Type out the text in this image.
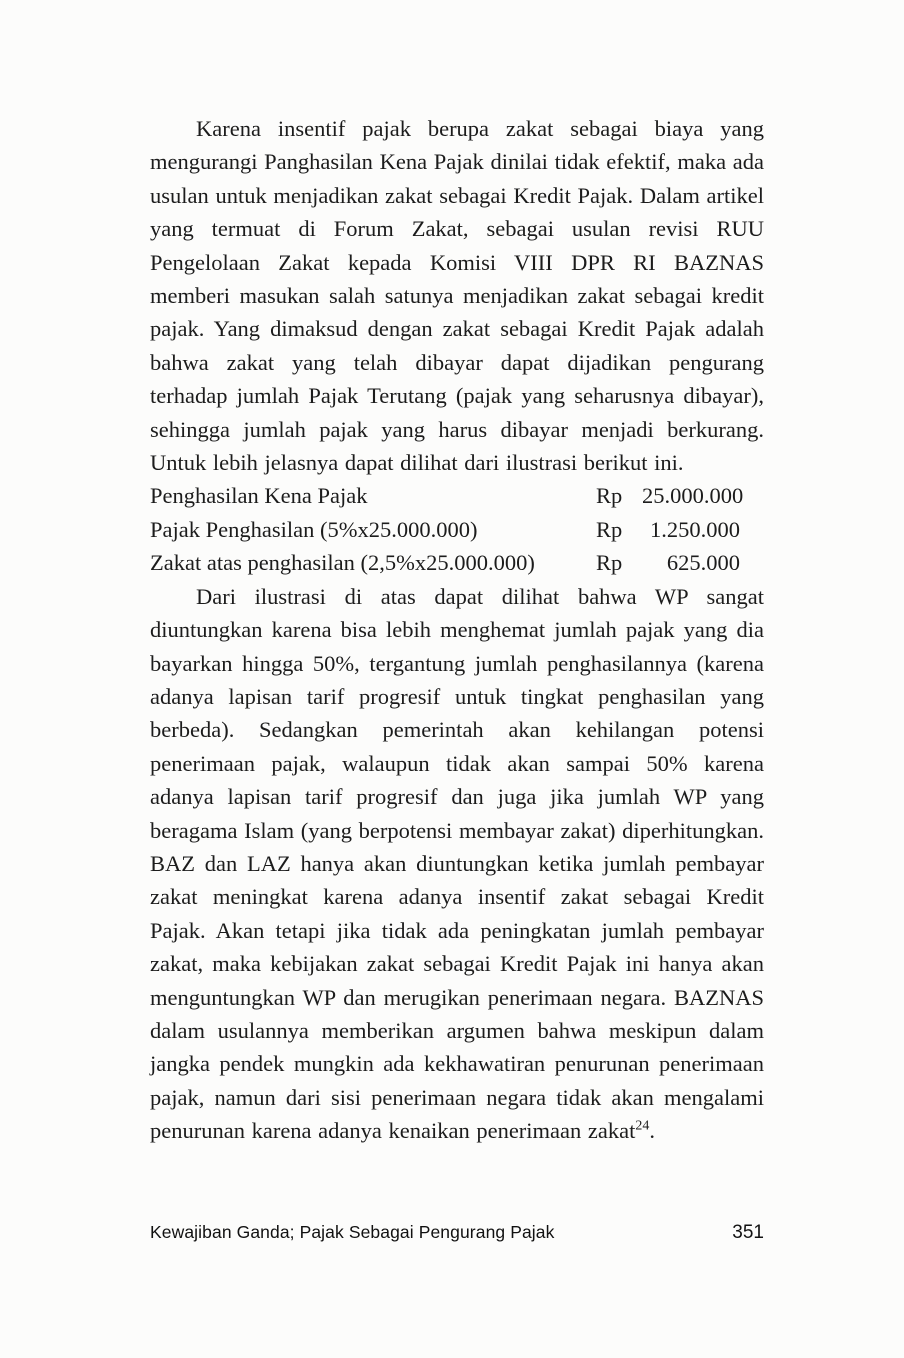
Karena insentif pajak berupa zakat sebagai biaya yang mengurangi Panghasilan Kena Pajak dinilai tidak efektif, maka ada usulan untuk menjadikan zakat sebagai Kredit Pajak. Dalam artikel yang termuat di Forum Zakat, sebagai usulan revisi RUU Pengelolaan Zakat kepada Komisi VIII DPR RI BAZNAS memberi masukan salah satunya menjadikan zakat sebagai kredit pajak. Yang dimaksud dengan zakat sebagai Kredit Pajak adalah bahwa zakat yang telah dibayar dapat dijadikan pengurang terhadap jumlah Pajak Terutang (pajak yang seharusnya dibayar), sehingga jumlah pajak yang harus dibayar menjadi berkurang. Untuk lebih jelasnya dapat dilihat dari ilustrasi berikut ini.

Penghasilan Kena Pajak	Rp 25.000.000
Pajak Penghasilan (5%x25.000.000)	Rp	1.250.000
Zakat atas penghasilan (2,5%x25.000.000)	Rp	625.000

Dari ilustrasi di atas dapat dilihat bahwa WP sangat diuntungkan karena bisa lebih menghemat jumlah pajak yang dia bayarkan hingga 50%, tergantung jumlah penghasilannya (karena adanya lapisan tarif progresif untuk tingkat penghasilan yang berbeda). Sedangkan pemerintah akan kehilangan potensi penerimaan pajak, walaupun tidak akan sampai 50% karena adanya lapisan tarif progresif dan juga jika jumlah WP yang beragama Islam (yang berpotensi membayar zakat) diperhitungkan. BAZ dan LAZ hanya akan diuntungkan ketika jumlah pembayar zakat meningkat karena adanya insentif zakat sebagai Kredit Pajak. Akan tetapi jika tidak ada peningkatan jumlah pembayar zakat, maka kebijakan zakat sebagai Kredit Pajak ini hanya akan menguntungkan WP dan merugikan penerimaan negara. BAZNAS dalam usulannya memberikan argumen bahwa meskipun dalam jangka pendek mungkin ada kekhawatiran penurunan penerimaan pajak, namun dari sisi penerimaan negara tidak akan mengalami penurunan karena adanya kenaikan penerimaan zakat$^{24}$.

Kewajiban Ganda; Pajak Sebagai Pengurang Pajak	351
